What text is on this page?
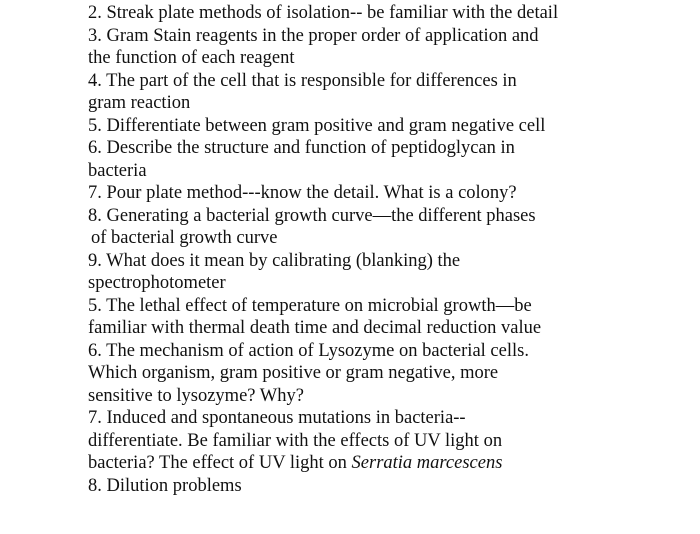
2. Streak plate methods of isolation-- be familiar with the detail
3. Gram Stain reagents in the proper order of application and
the function of each reagent
4. The part of the cell that is responsible for differences in
gram reaction
5. Differentiate between gram positive and gram negative cell
6. Describe the structure and function of peptidoglycan in
bacteria
7. Pour plate method---know the detail. What is a colony?
8. Generating a bacterial growth curve—the different phases
of bacterial growth curve
9. What does it mean by calibrating (blanking) the
spectrophotometer
5. The lethal effect of temperature on microbial growth—be
familiar with thermal death time and decimal reduction value
6. The mechanism of action of Lysozyme on bacterial cells.
Which organism, gram positive or gram negative, more
sensitive to lysozyme? Why?
7. Induced and spontaneous mutations in bacteria--
differentiate. Be familiar with the effects of UV light on
bacteria? The effect of UV light on Serratia marcescens
8. Dilution problems
